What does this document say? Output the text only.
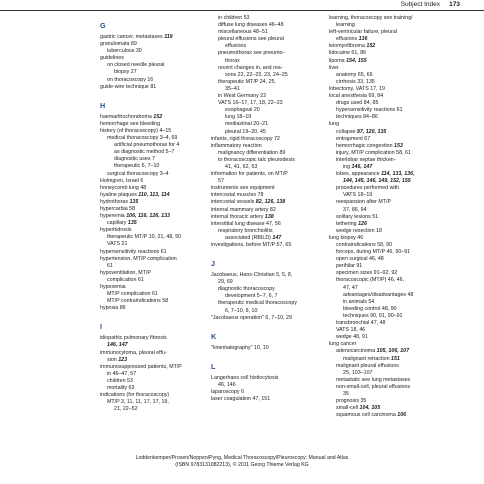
Subject Index 173
G
gastric cancer, metastases 119
granulomata 89
tuberculous 30
guidelines
on closed needle pleural
biopsy 27
on thoracoscopy 16
guide-wire technique 81
H
haemarthochondroma 152
hemorrhage see bleeding
history (of thoracoscopy) 4–15
medical thoracoscopy 3–4, 69
artificial pneumothorax for 4
as diagnostic method 5–7
diagnostic uses 7
therapeutic 6, 7–10
surgical thoracoscopy 3–4
Holmgren, Israel 6
honeycomb lung 48
hyaline plaques 110, 113, 114
hydrothorax 135
hypercarbia 58
hyperemia 106, 116, 126, 133
capillary 135
hyperhidrosis
therapeutic MT/P 10, 21, 48, 50
VATS 21
hypersensitivity reactions 61
hypertension, MT/P complication
61
hypoventilation, MT/P
complication 61
hypoxemia
MT/P complication 61
MT/P contraindications 58
hypoxia 86
I
idiopathic pulmonary fibrosis
146, 147
immunocytoma, pleural effu-
sion 123
immunosuppressed patients, MT/P
in 46–47, 57
children 53
mortality 63
indications (for thoracoscopy)
MT/P 3, 11, 11, 17, 17, 19,
21, 22–52
in children 53
diffuse lung diseases 46–48
miscellaneous 48–51
pleural effusions see pleural
effusions
pneumothorax see pneumo-
thorax
recent changes in, and rea-
sons 22, 22–23, 23, 24–25
therapeutic MT/P 24, 25,
35–41
in West Germany 22
VATS 16–17, 17, 18, 22–23
esophageal 20
lung 18–19
mediastinal 20–21
pleural 19–20, 45
infants, rigid thoracoscopy 72
inflammatory reaction
malignancy differentiation 89
to thoracoscopic talc pleurodesis
41, 41, 62, 63
information for patients, on MT/P
57
instruments see equipment
intercostal muscles 78
intercostal vessels 82, 126, 138
internal mammary artery 82
internal thoracic artery 138
interstitial lung disease 47, 56
respiratory bronchiolitis
associated (RBILD) 147
investigations, before MT/P 57, 65
J
Jacobaeus, Hans-Christian 5, 5, 8,
29, 69
diagnostic thoracoscopy
development 5–7, 6, 7
therapeutic medical thoracoscopy
6, 7–10, 8, 10
"Jacobaeus operation" 6, 7–10, 29
K
"kinematography" 10, 10
L
Langerhans cell histiocytosis
46, 146
laparoscopy 6
laser coagulation 47, 151
learning, thoracoscopy see training/
learning
left-ventricular failure, pleural
effusions 136
leiomyofibroma 152
lidocaine 61, 86
lipoma 154, 155
liver
anatomy 65, 66
cirrhosis 33, 135
lobectomy, VATS 17, 19
local anesthesia 69, 84
drugs used 84, 85
hypersensitivity reactions 61
techniques 84–86
lung
collapse 97, 120, 135
entrapment 67
hemorrhagic congestion 153
injury, MT/P complication 58, 61
interlobar septae thicken-
ing 146, 147
lobes, appearance 114, 133, 136,
144, 145, 146, 149, 152, 155
procedures performed with
VATS 18–19
reexpansion after MT/P
37, 86, 94
solitary lesions 51
tethering 126
wedge resection 18
lung biopsy 46
contraindications 58, 90
forceps, during MT/P 46, 90–91
open surgical 46, 48
perihilar 91
specimen sizes 91–92, 92
thoracoscopic (MT/P) 46, 46,
47, 47
advantages/disadvantages 48
in animals 54
bleeding control 48, 90
techniques 90, 91, 90–91
transbronchial 47, 48
VATS 18, 46
wedge 48, 91
lung cancer
adenocarcinoma 105, 106, 107
malignant retraction 151
malignant pleural effusions
25, 103–107
metastatic see lung metastases
non-small-cell, pleural effusions
35
prognosis 35
small-cell 104, 105
squamous cell carcinoma 106
Loddenkemper/Prosen/Noppen/Pyng, Medical Thoracoscopy/Pleuroscopy: Manual and Atlas
(ISBN 9783131082213), © 2011 Georg Thieme Verlag KG
